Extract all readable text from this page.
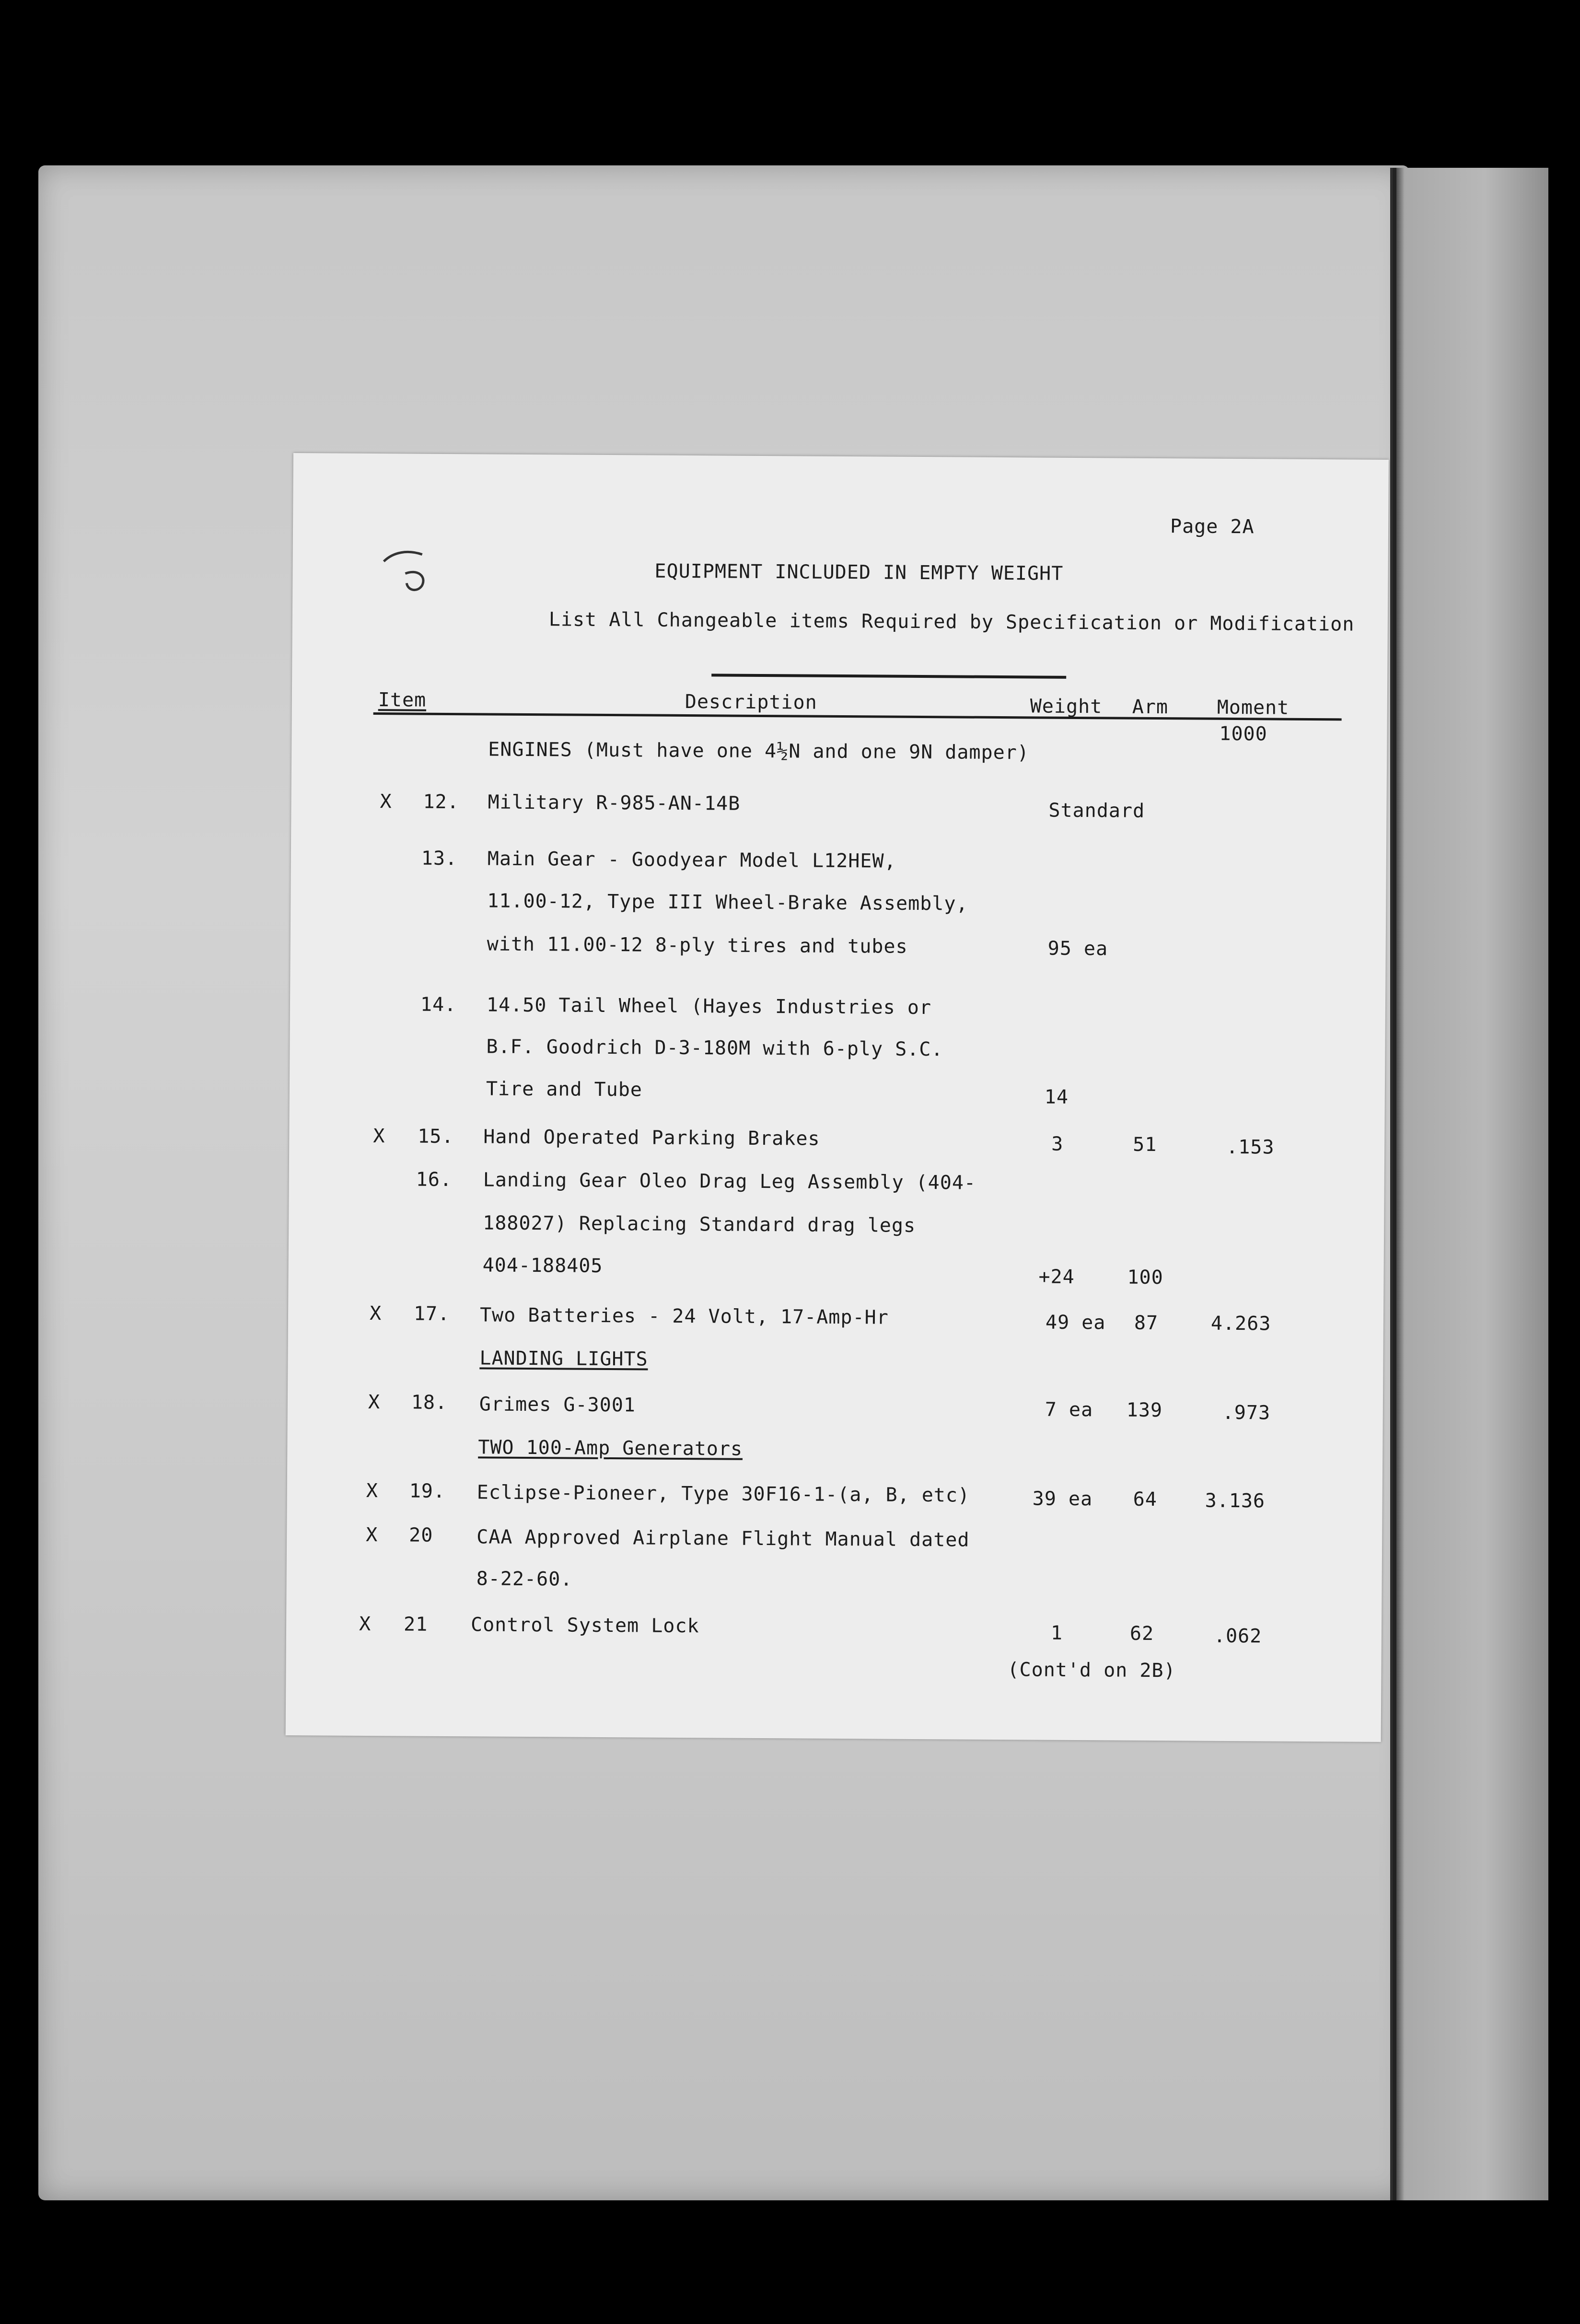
Page 2A
EQUIPMENT INCLUDED IN EMPTY WEIGHT
List All Changeable items Required by Specification or Modification
Item	Description	Weight Arm	Moment
1000
ENGINES (Must have one 4½N and one 9N damper)
X 12. Military R-985-AN-14B	Standard
13. Main Gear - Goodyear Model L12HEW,
11.00-12, Type III Wheel-Brake Assembly,
with 11.00-12 8-ply tires and tubes	95 ea
14. 14.50 Tail Wheel (Hayes Industries or
B.F. Goodrich D-3-180M with 6-ply S.C.
Tire and Tube	14
X 15. Hand Operated Parking Brakes	3	51	.153
16. Landing Gear Oleo Drag Leg Assembly (404-
188027) Replacing Standard drag legs
404-188405	+24	100
X 17. Two Batteries - 24 Volt, 17-Amp-Hr	49 ea 87	4.263
LANDING LIGHTS
X 18. Grimes G-3001	7 ea 139	.973
TWO 100-Amp Generators
X 19. Eclipse-Pioneer, Type 30F16-1-(a, B, etc)	39 ea 64 3.136
X 20 CAA Approved Airplane Flight Manual dated
8-22-60.
X 21 Control System Lock	1	62	.062
(Cont'd on 2B)
